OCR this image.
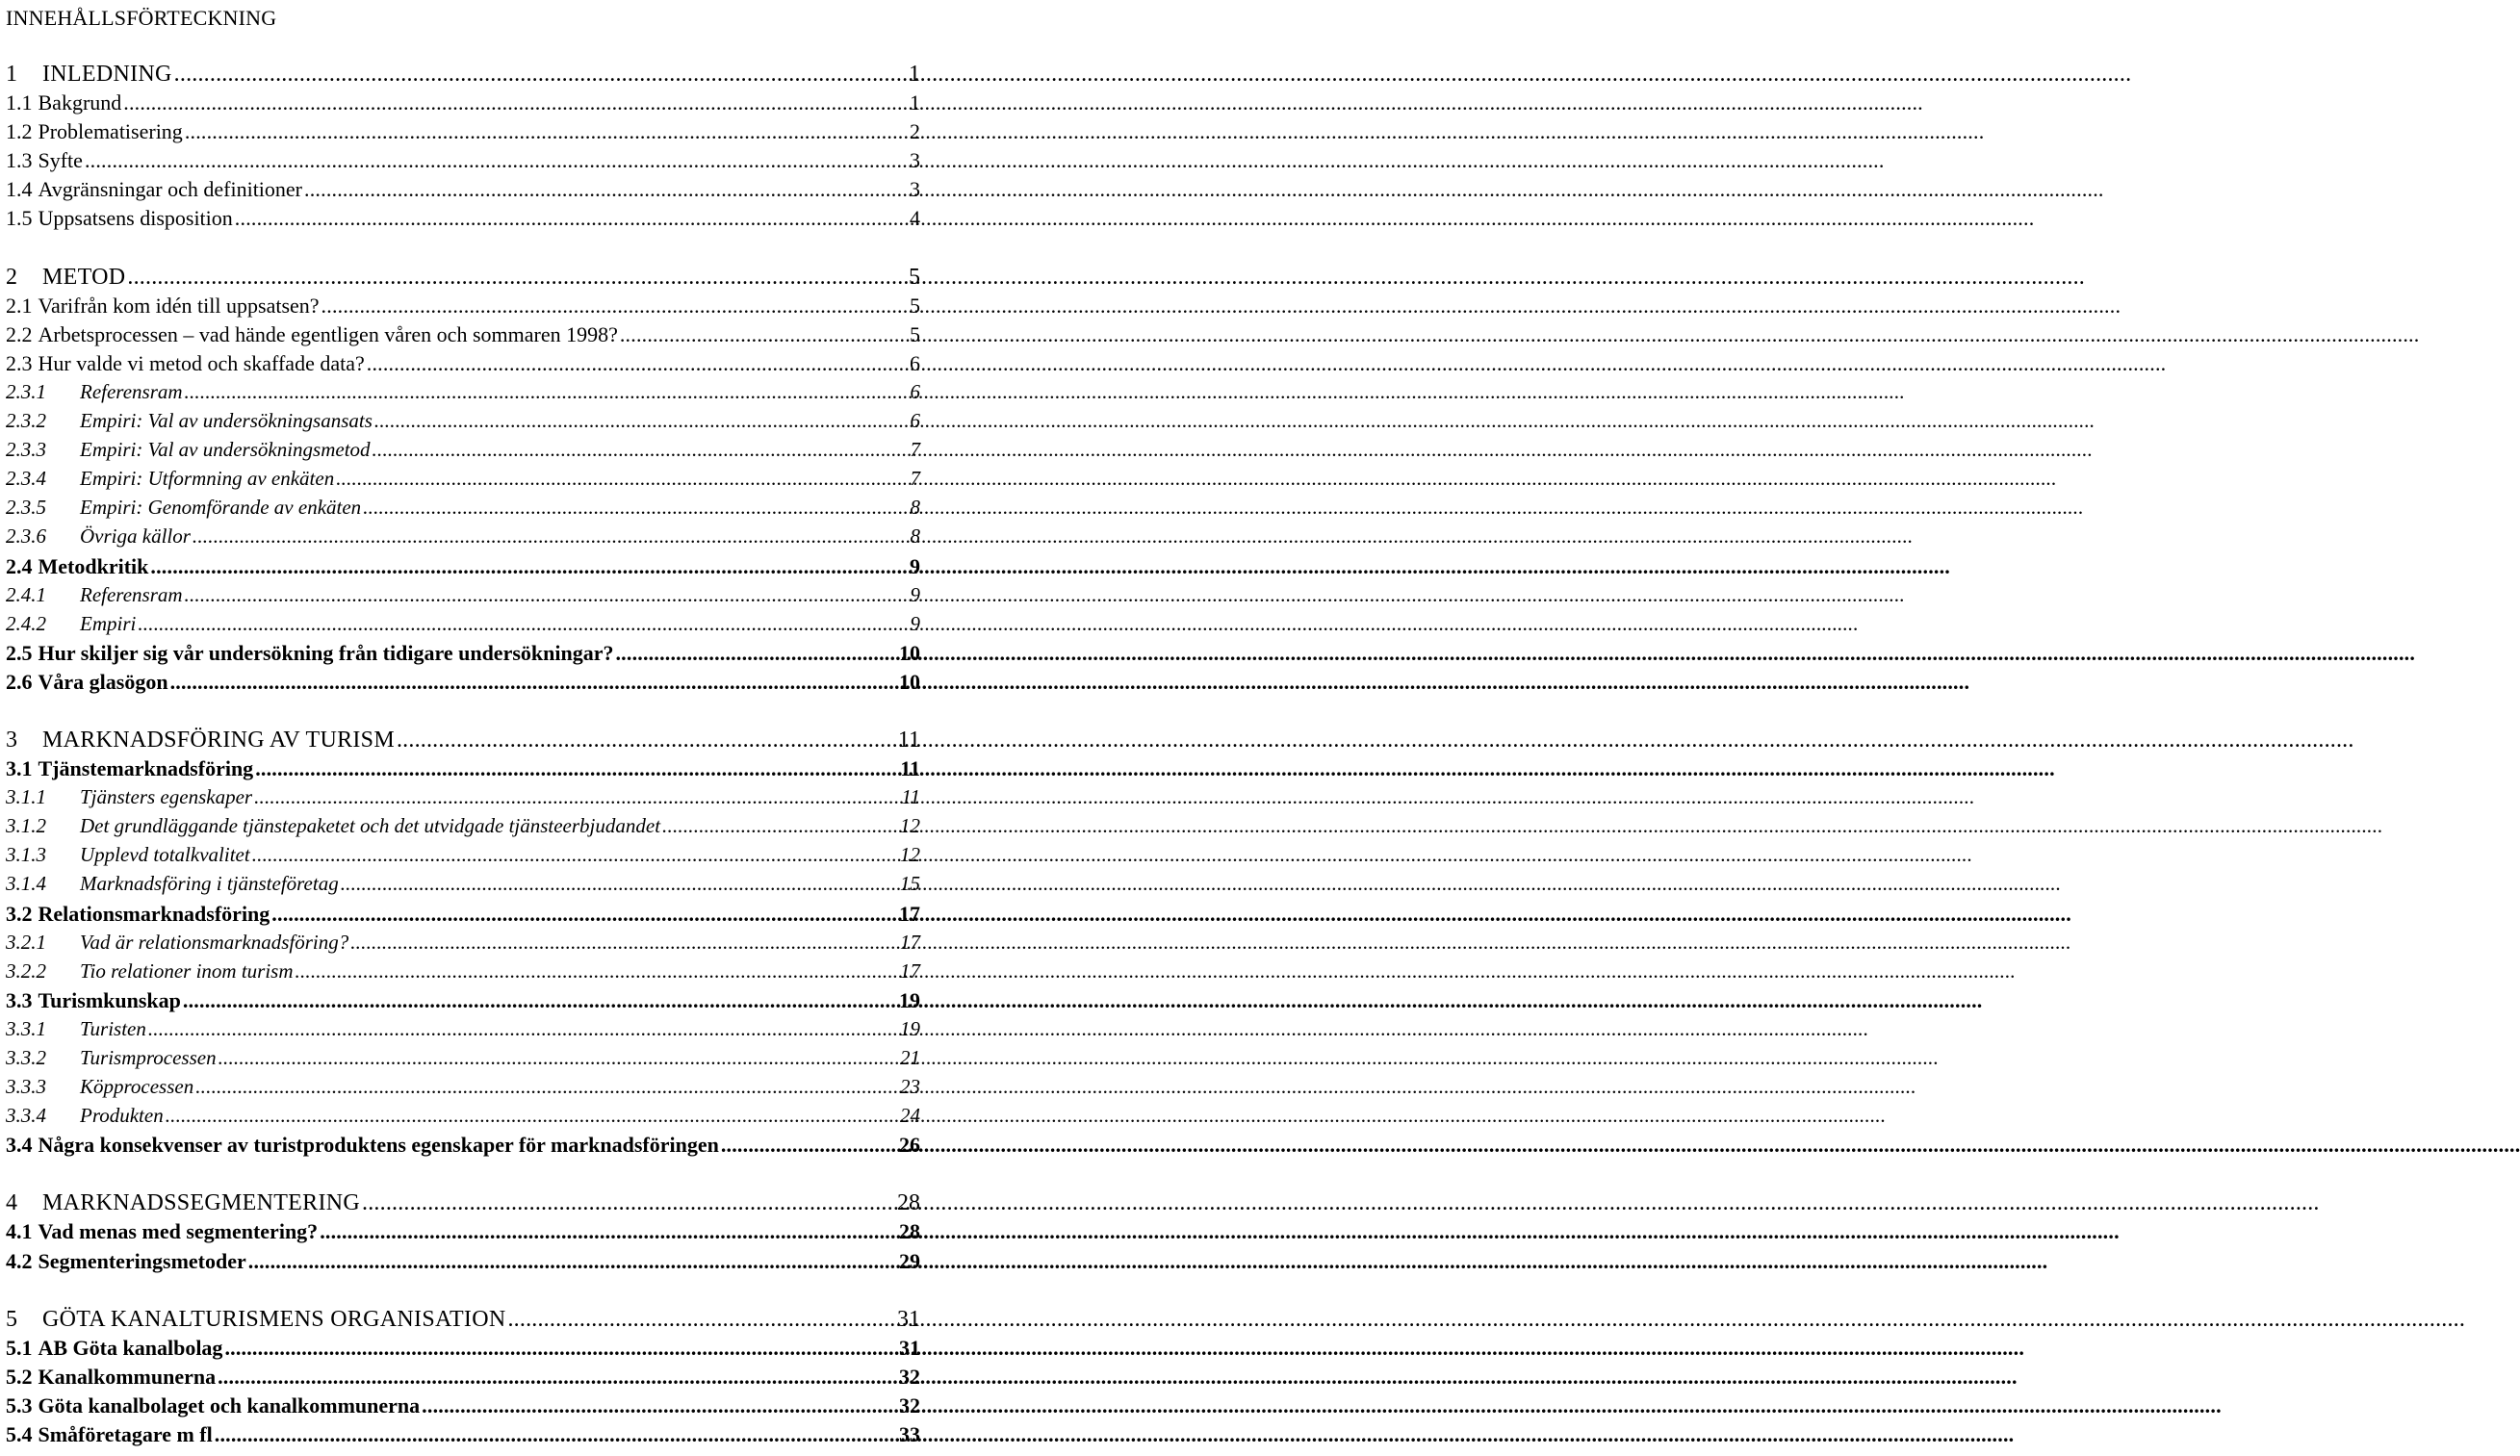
INNEHÅLLSFÖRTECKNING
1	INLEDNING .....	1
1.1 Bakgrund .....	1
1.2 Problematisering .....	2
1.3 Syfte .....	3
1.4 Avgränsningar och definitioner .....	3
1.5 Uppsatsens disposition .....	4
2	METOD .....	5
2.1 Varifrån kom idén till uppsatsen? .....	5
2.2 Arbetsprocessen – vad hände egentligen våren och sommaren 1998? .....	5
2.3 Hur valde vi metod och skaffade data? .....	6
2.3.1	Referensram .....	6
2.3.2	Empiri: Val av undersökningsansats .....	6
2.3.3	Empiri: Val av undersökningsmetod .....	7
2.3.4	Empiri: Utformning av enkäten .....	7
2.3.5	Empiri: Genomförande av enkäten .....	8
2.3.6	Övriga källor .....	8
2.4 Metodkritik .....	9
2.4.1	Referensram .....	9
2.4.2	Empiri .....	9
2.5 Hur skiljer sig vår undersökning från tidigare undersökningar? .....	10
2.6 Våra glasögon .....	10
3	MARKNADSFÖRING AV TURISM .....	11
3.1 Tjänstemarknadsföring .....	11
3.1.1	Tjänsters egenskaper .....	11
3.1.2	Det grundläggande tjänstepaketet och det utvidgade tjänsteerbjudandet .....	12
3.1.3	Upplevd totalkvalitet .....	12
3.1.4	Marknadsföring i tjänsteföretag .....	15
3.2 Relationsmarknadsföring .....	17
3.2.1	Vad är relationsmarknadsföring? .....	17
3.2.2	Tio relationer inom turism .....	17
3.3 Turismkunskap .....	19
3.3.1	Turisten .....	19
3.3.2	Turismprocessen .....	21
3.3.3	Köpprocessen .....	23
3.3.4	Produkten .....	24
3.4 Några konsekvenser av turistproduktens egenskaper för marknadsföringen .....	26
4	MARKNADSSEGMENTERING .....	28
4.1 Vad menas med segmentering? .....	28
4.2 Segmenteringsmetoder .....	29
5	GÖTA KANALTURISMENS ORGANISATION .....	31
5.1 AB Göta kanalbolag .....	31
5.2 Kanalkommunerna .....	32
5.3 Göta kanalbolaget och kanalkommunerna .....	32
5.4 Småföretagare m fl .....	33
